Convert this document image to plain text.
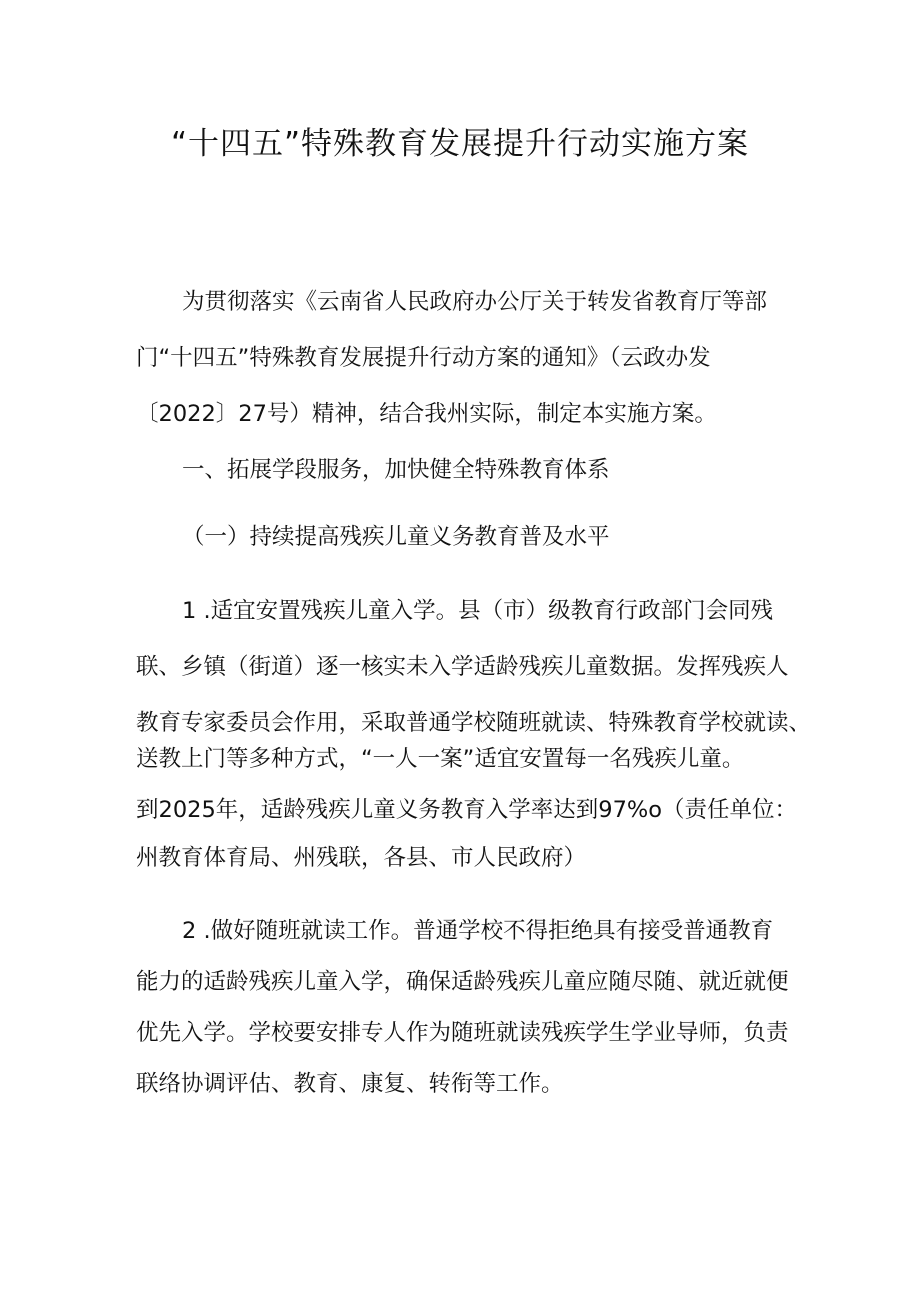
“十四五”特殊教育发展提升行动实施方案

为贯彻落实《云南省人民政府办公厅关于转发省教育厅等部

门“十四五”特殊教育发展提升行动方案的通知》（云政办发

〔2022〕27号）精神，结合我州实际，制定本实施方案。

一、拓展学段服务，加快健全特殊教育体系

（一）持续提高残疾儿童义务教育普及水平

1 .适宜安置残疾儿童入学。县（市）级教育行政部门会同残

联、乡镇（街道）逐一核实未入学适龄残疾儿童数据。发挥残疾人

教育专家委员会作用，采取普通学校随班就读、特殊教育学校就读、

送教上门等多种方式，“一人一案”适宜安置每一名残疾儿童。

到2025年，适龄残疾儿童义务教育入学率达到97%o（责任单位：

州教育体育局、州残联，各县、市人民政府）

2 .做好随班就读工作。普通学校不得拒绝具有接受普通教育

能力的适龄残疾儿童入学，确保适龄残疾儿童应随尽随、就近就便

优先入学。学校要安排专人作为随班就读残疾学生学业导师，负责

联络协调评估、教育、康复、转衔等工作。
